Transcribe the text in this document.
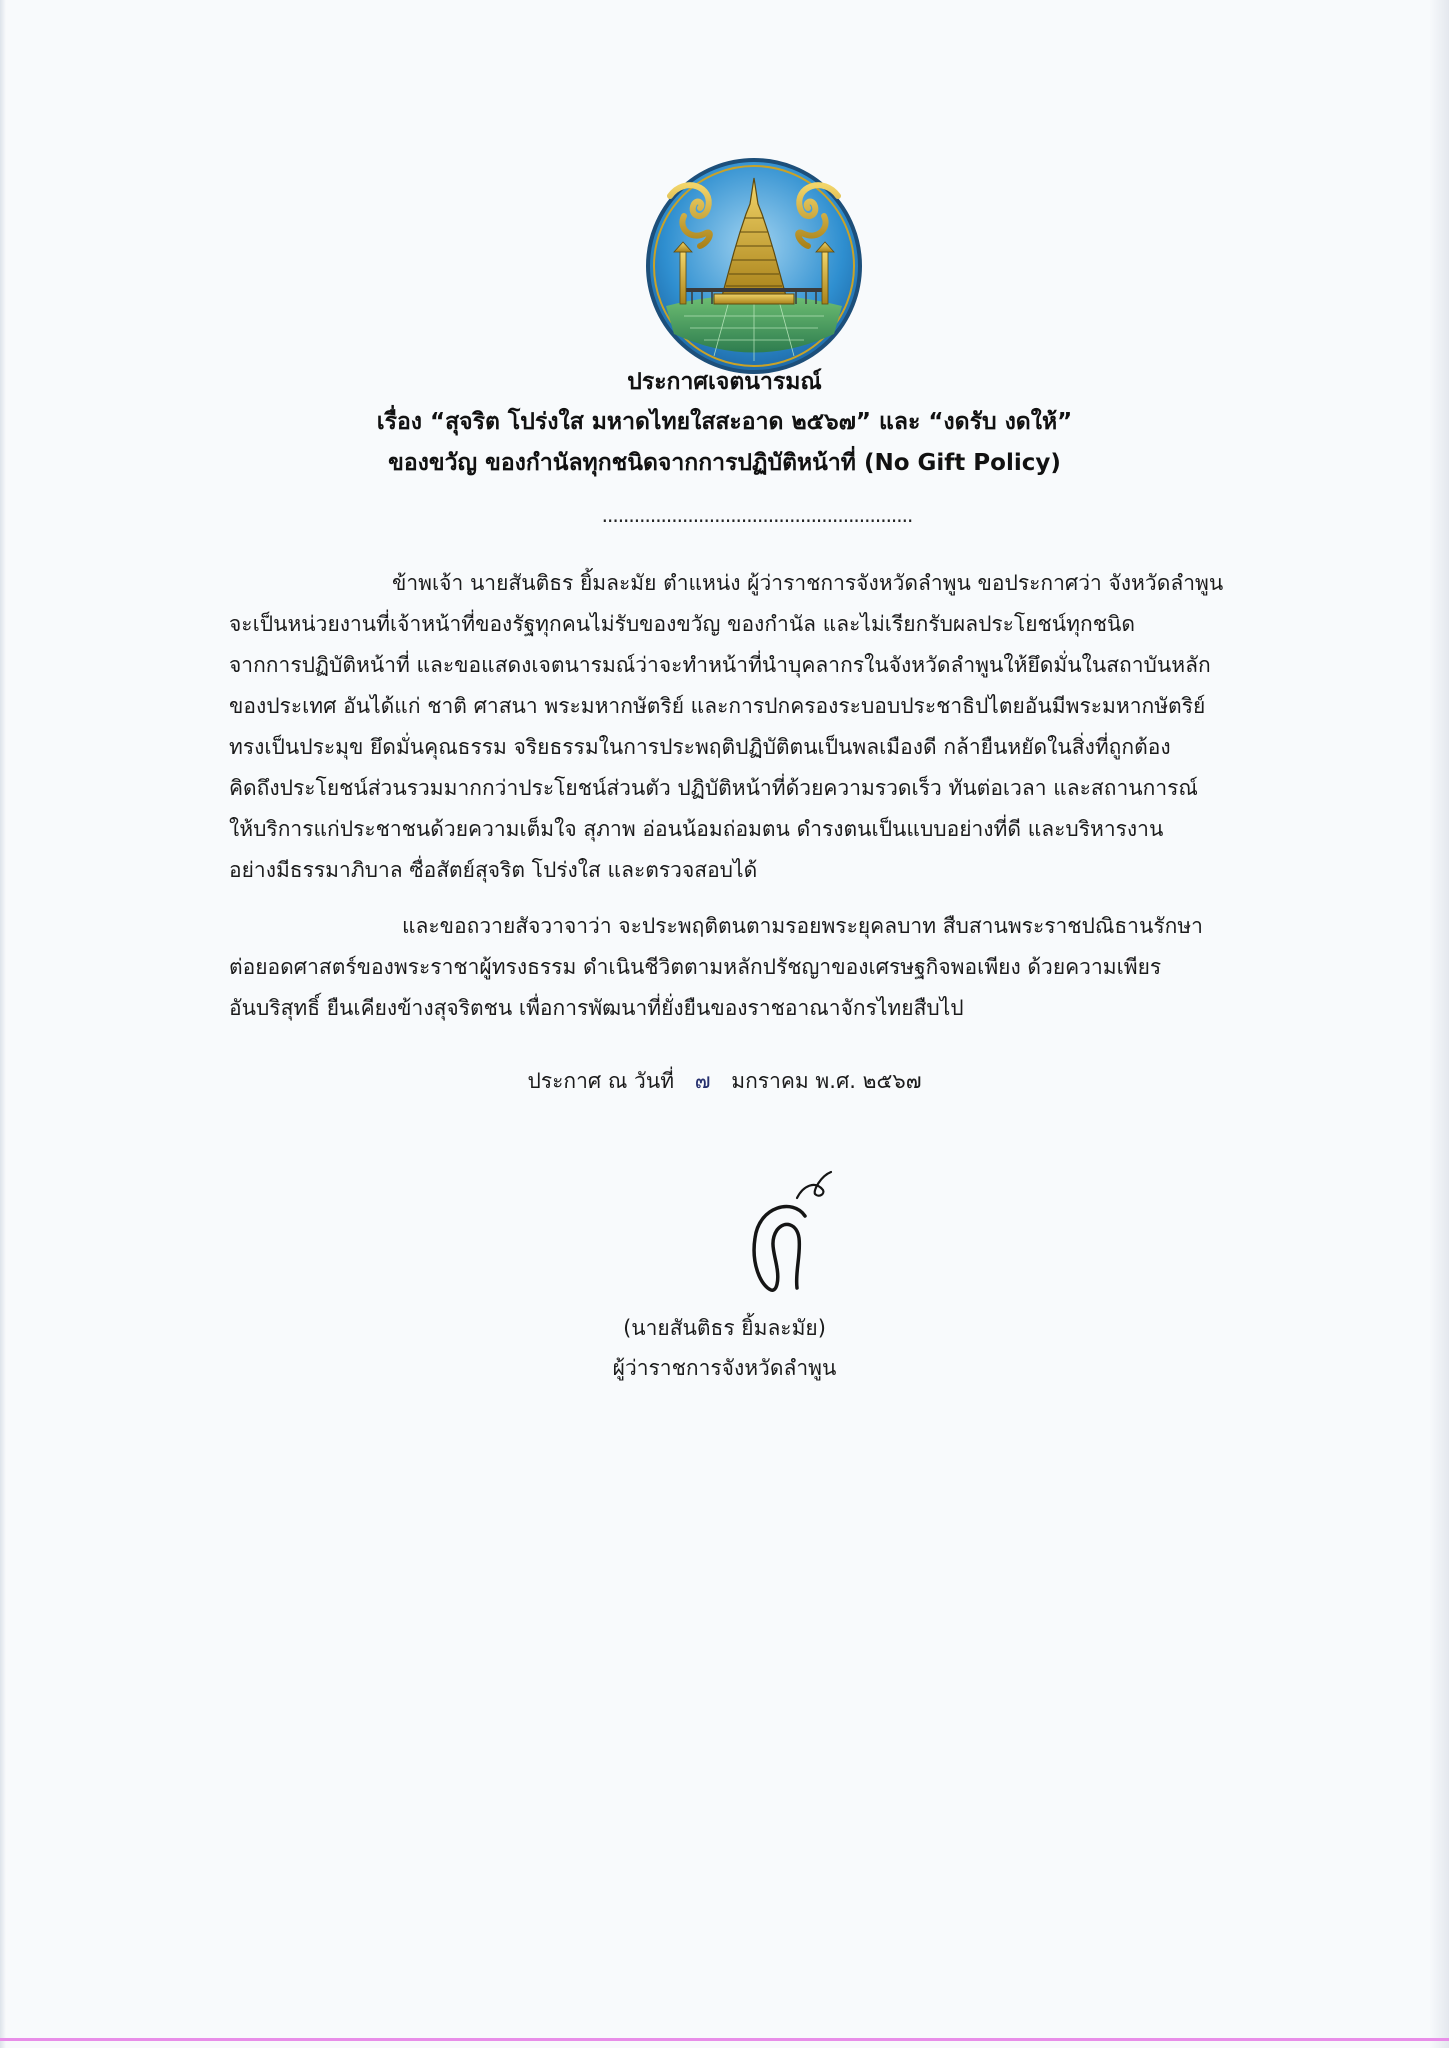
ประกาศเจตนารมณ์
เรื่อง “สุจริต โปร่งใส มหาดไทยใสสะอาด ๒๕๖๗” และ “งดรับ งดให้”
ของขวัญ ของกำนัลทุกชนิดจากการปฏิบัติหน้าที่ (No Gift Policy)
..........................................................
ข้าพเจ้า นายสันติธร ยิ้มละมัย ตำแหน่ง ผู้ว่าราชการจังหวัดลำพูน ขอประกาศว่า จังหวัดลำพูน
จะเป็นหน่วยงานที่เจ้าหน้าที่ของรัฐทุกคนไม่รับของขวัญ ของกำนัล และไม่เรียกรับผลประโยชน์ทุกชนิด
จากการปฏิบัติหน้าที่ และขอแสดงเจตนารมณ์ว่าจะทำหน้าที่นำบุคลากรในจังหวัดลำพูนให้ยึดมั่นในสถาบันหลัก
ของประเทศ อันได้แก่ ชาติ ศาสนา พระมหากษัตริย์ และการปกครองระบอบประชาธิปไตยอันมีพระมหากษัตริย์
ทรงเป็นประมุข ยึดมั่นคุณธรรม จริยธรรมในการประพฤติปฏิบัติตนเป็นพลเมืองดี กล้ายืนหยัดในสิ่งที่ถูกต้อง
คิดถึงประโยชน์ส่วนรวมมากกว่าประโยชน์ส่วนตัว ปฏิบัติหน้าที่ด้วยความรวดเร็ว ทันต่อเวลา และสถานการณ์
ให้บริการแก่ประชาชนด้วยความเต็มใจ สุภาพ อ่อนน้อมถ่อมตน ดำรงตนเป็นแบบอย่างที่ดี และบริหารงาน
อย่างมีธรรมาภิบาล ซื่อสัตย์สุจริต โปร่งใส และตรวจสอบได้
และขอถวายสัจวาจาว่า จะประพฤติตนตามรอยพระยุคลบาท สืบสานพระราชปณิธานรักษา
ต่อยอดศาสตร์ของพระราชาผู้ทรงธรรม ดำเนินชีวิตตามหลักปรัชญาของเศรษฐกิจพอเพียง ด้วยความเพียร
อันบริสุทธิ์ ยืนเคียงข้างสุจริตชน เพื่อการพัฒนาที่ยั่งยืนของราชอาณาจักรไทยสืบไป
ประกาศ ณ วันที่ ๗ มกราคม พ.ศ. ๒๕๖๗
(นายสันติธร ยิ้มละมัย)
ผู้ว่าราชการจังหวัดลำพูน
